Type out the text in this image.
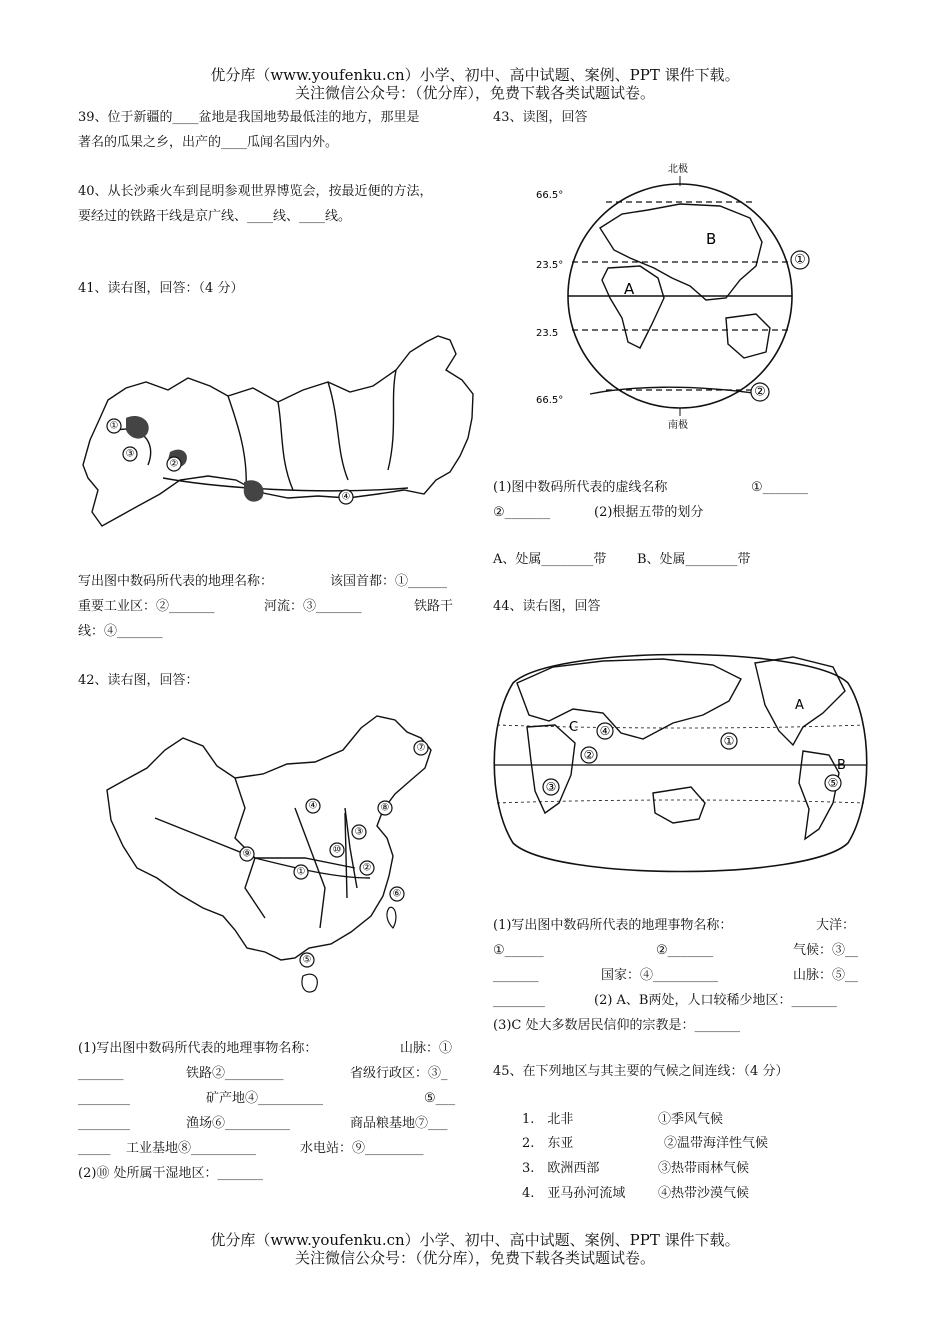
优分库（www.youfenku.cn）小学、初中、高中试题、案例、PPT 课件下载。
关注微信公众号：（优分库），免费下载各类试题试卷。
39、位于新疆的____盆地是我国地势最低洼的地方，那里是
著名的瓜果之乡，出产的____瓜闻名国内外。
40、从长沙乘火车到昆明参观世界博览会，按最近便的方法，
要经过的铁路干线是京广线、____线、____线。
41、读右图，回答：（4 分）
①
②
③
④
写出图中数码所代表的地理名称：	该国首都：①______
重要工业区：②_______	河流：③_______	铁路干
线：④_______
42、读右图，回答：
①	②
③
④
⑤
⑥
⑦
⑧
⑨	⑩
(1)写出图中数码所代表的地理事物名称：	山脉：①
_______	铁路②_________	省级行政区：③_
________	矿产地④__________	⑤___
________	渔场⑥__________	商品粮基地⑦___
_____ 工业基地⑧__________	水电站：⑨_________
(2)⑩ 处所属干湿地区：_______
43、读图，回答
北极
66.5°
23.5°
23.5
66.5°
B
A
①
②
南极
(1)图中数码所代表的虚线名称	①_______
②_______	(2)根据五带的划分
A、处属________带 B、处属________带
44、读右图，回答
①
②
③
④
⑤
A
B
C
(1)写出图中数码所代表的地理事物名称：	大洋：
①______	②_______	气候：③__
_______	国家：④__________	山脉：⑤__
________	(2) A、B两处，人口较稀少地区：_______
(3)C 处大多数居民信仰的宗教是：_______
45、在下列地区与其主要的气候之间连线：（4 分）
1.　北非	①季风气候
2.　东亚	②温带海洋性气候
3.　欧洲西部	③热带雨林气候
4.　亚马孙河流域	④热带沙漠气候
优分库（www.youfenku.cn）小学、初中、高中试题、案例、PPT 课件下载。
关注微信公众号：（优分库），免费下载各类试题试卷。
